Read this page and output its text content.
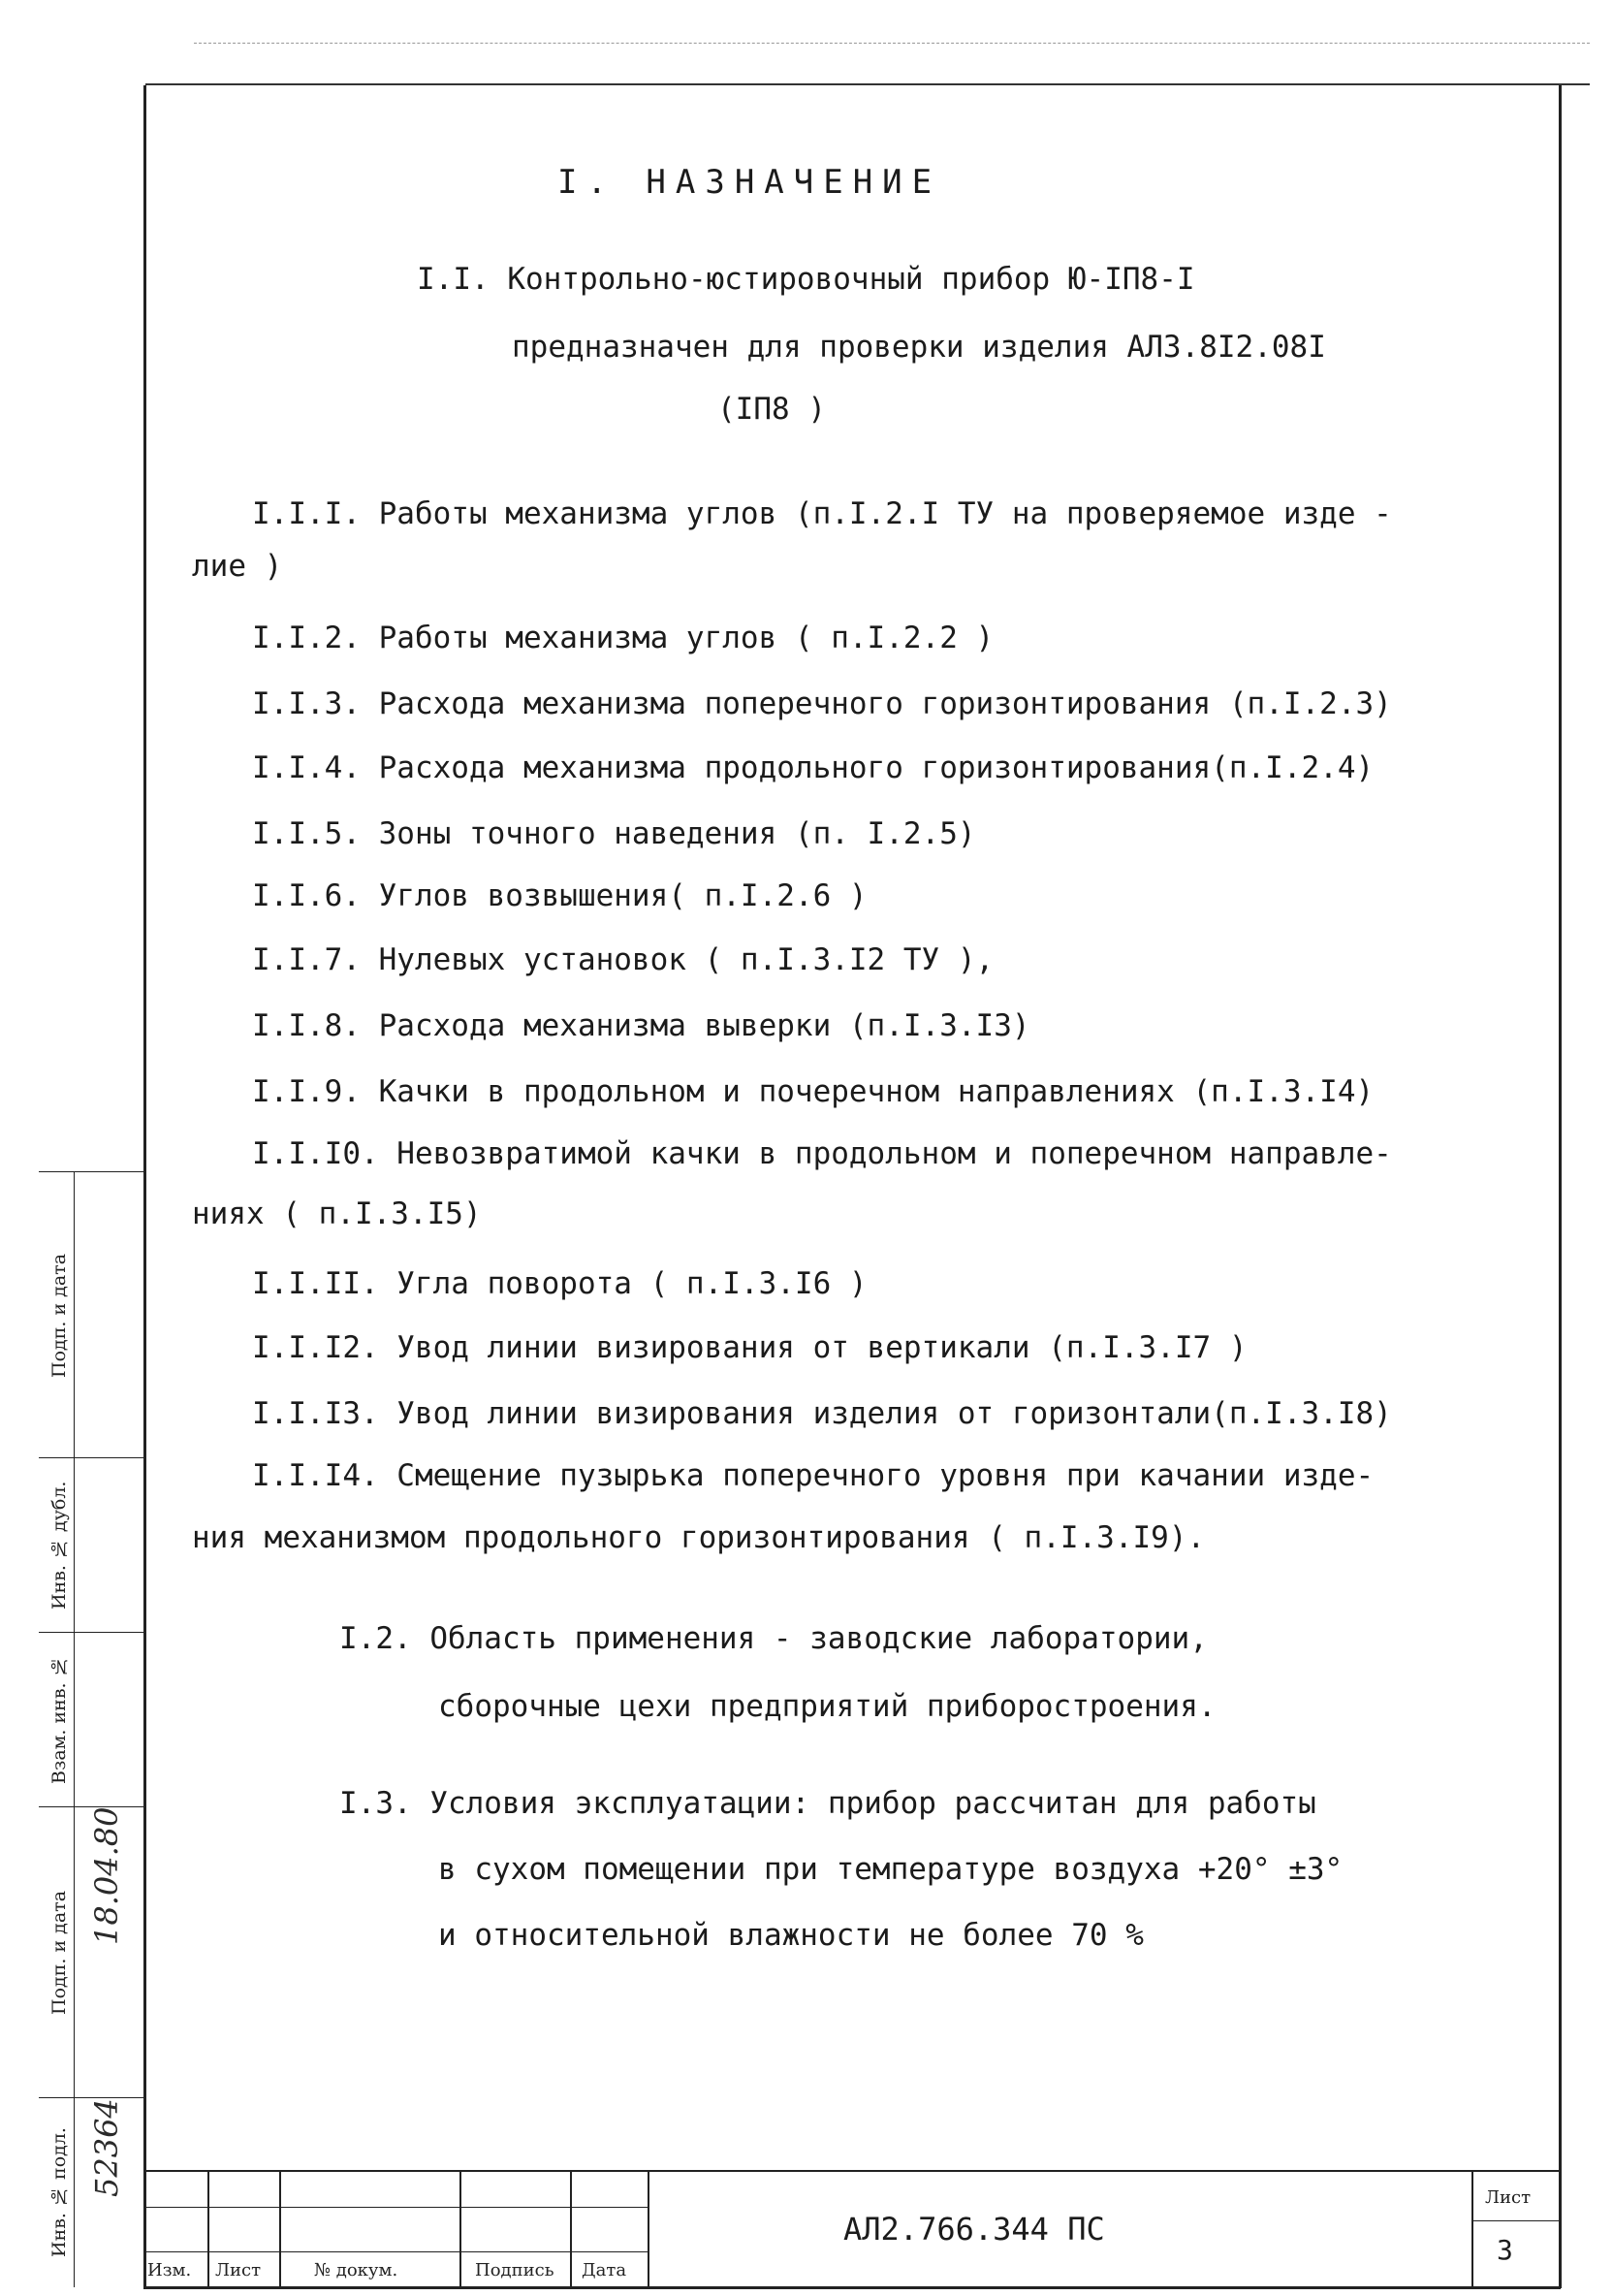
I. НАЗНАЧЕНИЕ
I.I. Контрольно-юстировочный прибор Ю-IП8-I
предназначен для проверки изделия АЛЗ.8I2.08I
(IП8 )
I.I.I. Работы механизма углов (п.I.2.I ТУ на проверяемое изде -
лие )
I.I.2. Работы механизма углов ( п.I.2.2 )
I.I.3. Расхода механизма поперечного горизонтирования (п.I.2.3)
I.I.4. Расхода механизма продольного горизонтирования(п.I.2.4)
I.I.5. Зоны точного наведения (п. I.2.5)
I.I.6. Углов возвышения( п.I.2.6 )
I.I.7. Нулевых установок ( п.I.3.I2 ТУ ),
I.I.8. Расхода механизма выверки (п.I.3.I3)
I.I.9. Качки в продольном и почеречном направлениях (п.I.3.I4)
I.I.I0. Невозвратимой качки в продольном и поперечном направле-
ниях ( п.I.3.I5)
I.I.II. Угла поворота ( п.I.3.I6 )
I.I.I2. Увод линии визирования от вертикали (п.I.3.I7 )
I.I.I3. Увод линии визирования изделия от горизонтали(п.I.3.I8)
I.I.I4. Смещение пузырька поперечного уровня при качании изде-
ния механизмом продольного горизонтирования ( п.I.3.I9).
I.2. Область применения - заводские лаборатории,
сборочные цехи предприятий приборостроения.
I.3. Условия эксплуатации: прибор рассчитан для работы
в сухом помещении при температуре воздуха +20° ±3°
и относительной влажности не более 70 %
Подп. и дата
Инв. № дубл.
Взам. инв. №
Подп. и дата
18.04.80
Инв. № подл. 52364
Изм. Лист	№ докум.	Подпись Дата
АЛ2.766.344 ПС
Лист
3
